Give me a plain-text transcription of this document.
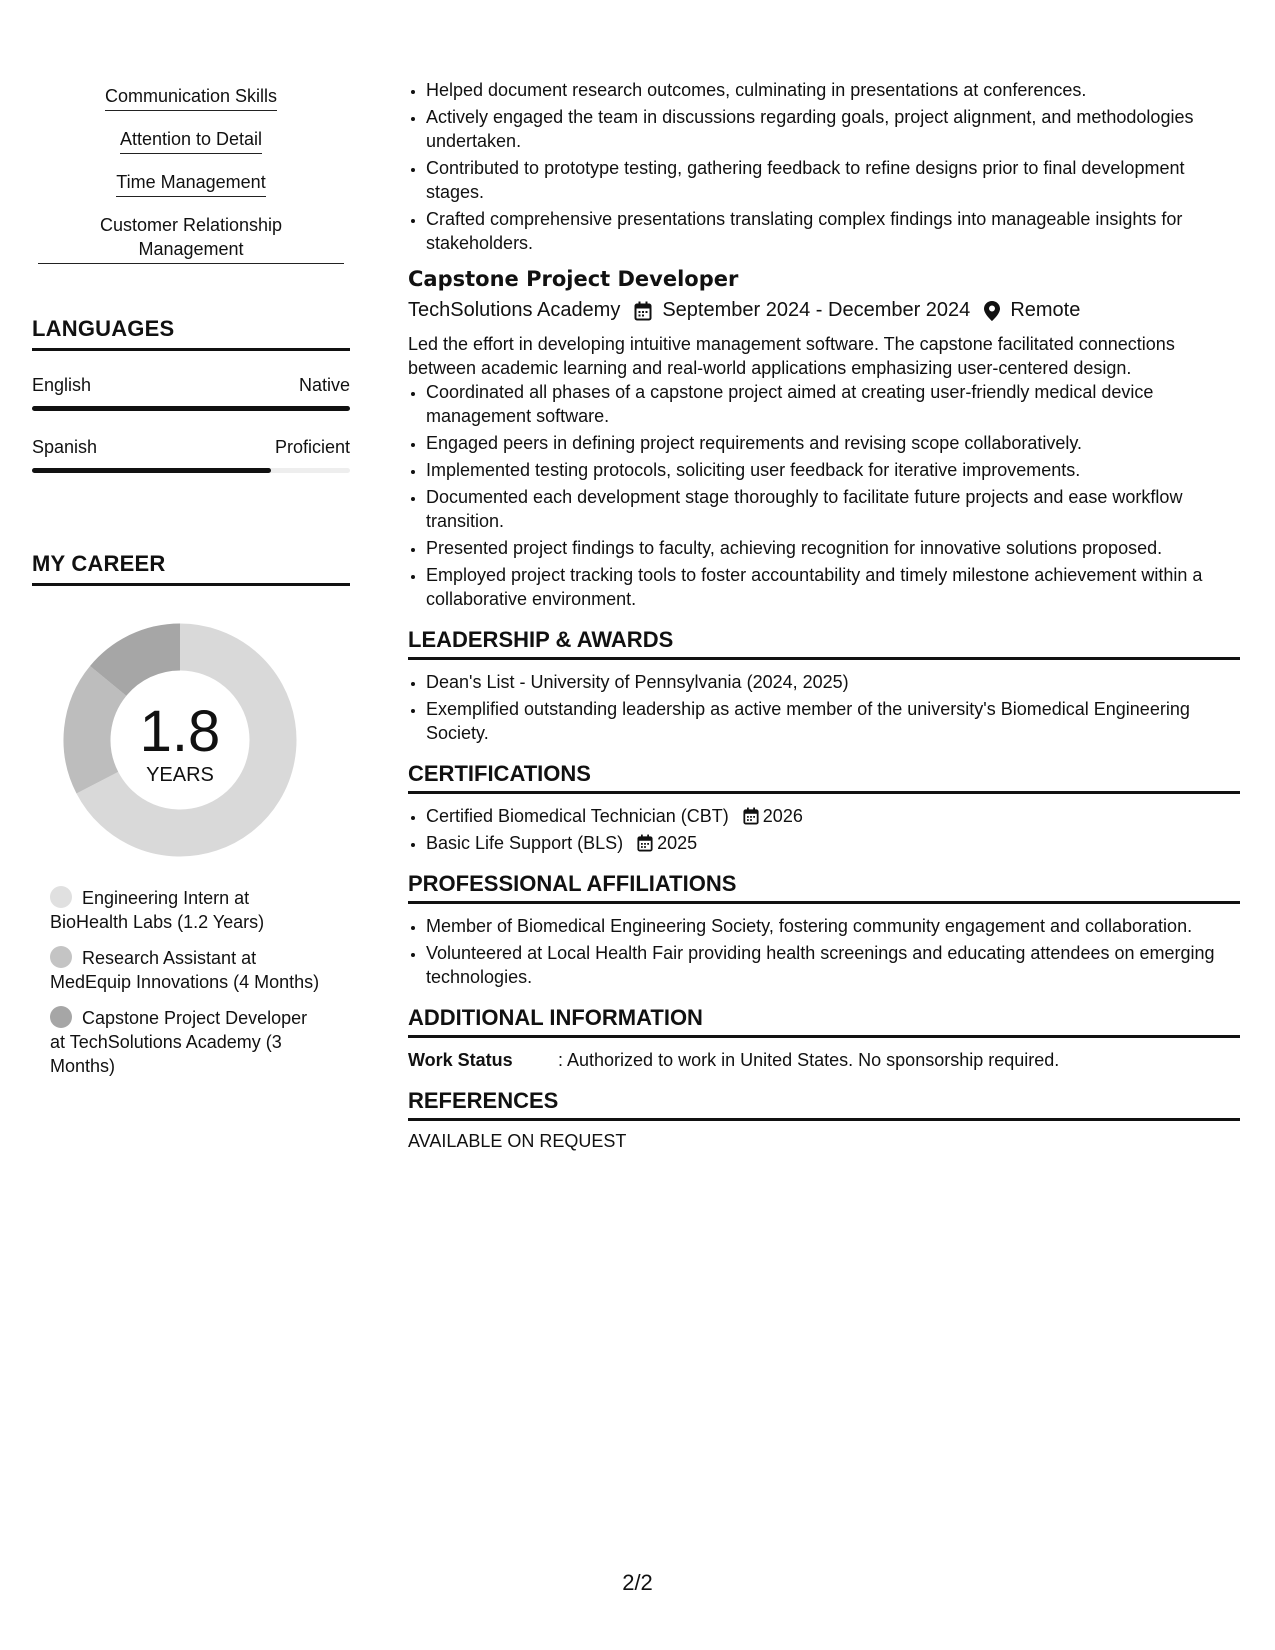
Communication Skills
Attention to Detail
Time Management
Customer Relationship Management
LANGUAGES
English	Native
Spanish	Proficient
MY CAREER
1.8
YEARS
Engineering Intern at BioHealth Labs (1.2 Years)
Research Assistant at MedEquip Innovations (4 Months)
Capstone Project Developer at TechSolutions Academy (3 Months)
• Helped document research outcomes, culminating in presentations at conferences.
• Actively engaged the team in discussions regarding goals, project alignment, and methodologies undertaken.
• Contributed to prototype testing, gathering feedback to refine designs prior to final development stages.
• Crafted comprehensive presentations translating complex findings into manageable insights for stakeholders.
Capstone Project Developer
TechSolutions Academy September 2024 - December 2024 Remote
Led the effort in developing intuitive management software. The capstone facilitated connections between academic learning and real-world applications emphasizing user-centered design.
• Coordinated all phases of a capstone project aimed at creating user-friendly medical device management software.
• Engaged peers in defining project requirements and revising scope collaboratively.
• Implemented testing protocols, soliciting user feedback for iterative improvements.
• Documented each development stage thoroughly to facilitate future projects and ease workflow transition.
• Presented project findings to faculty, achieving recognition for innovative solutions proposed.
• Employed project tracking tools to foster accountability and timely milestone achievement within a collaborative environment.
LEADERSHIP & AWARDS
• Dean's List - University of Pennsylvania (2024, 2025)
• Exemplified outstanding leadership as active member of the university's Biomedical Engineering Society.
CERTIFICATIONS
• Certified Biomedical Technician (CBT) 2026
• Basic Life Support (BLS) 2025
PROFESSIONAL AFFILIATIONS
• Member of Biomedical Engineering Society, fostering community engagement and collaboration.
• Volunteered at Local Health Fair providing health screenings and educating attendees on emerging technologies.
ADDITIONAL INFORMATION
Work Status	: Authorized to work in United States. No sponsorship required.
REFERENCES
AVAILABLE ON REQUEST
2/2
